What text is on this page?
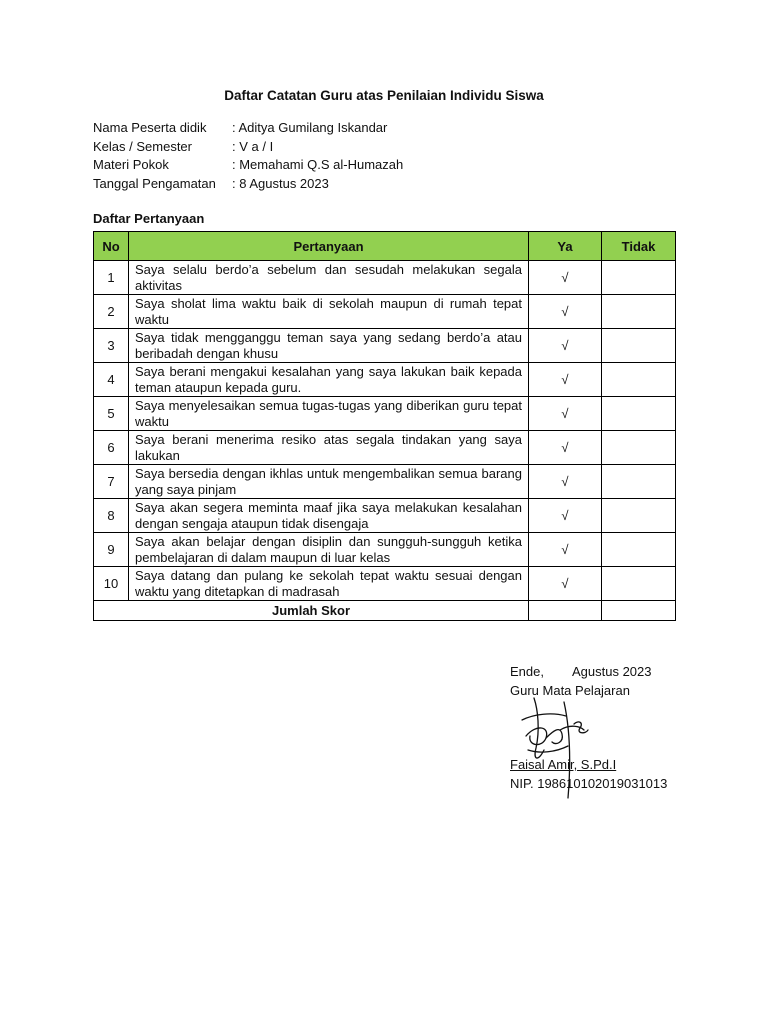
Daftar Catatan Guru atas Penilaian Individu Siswa
Nama Peserta didik	: Aditya Gumilang Iskandar
Kelas / Semester	: V a / I
Materi Pokok	: Memahami Q.S al-Humazah
Tanggal Pengamatan	: 8 Agustus 2023
Daftar Pertanyaan
No	Pertanyaan	Ya	Tidak
1	Saya selalu berdo’a sebelum dan sesudah melakukan segala aktivitas	√	
2	Saya sholat lima waktu baik di sekolah maupun di rumah tepat waktu	√	
3	Saya tidak mengganggu teman saya yang sedang berdo’a atau beribadah dengan khusu	√	
4	Saya berani mengakui kesalahan yang saya lakukan baik kepada teman ataupun kepada guru.	√	
5	Saya menyelesaikan semua tugas-tugas yang diberikan guru tepat waktu	√	
6	Saya berani menerima resiko atas segala tindakan yang saya lakukan	√	
7	Saya bersedia dengan ikhlas untuk mengembalikan semua barang yang saya pinjam	√	
8	Saya akan segera meminta maaf jika saya melakukan kesalahan dengan sengaja ataupun tidak disengaja	√	
9	Saya akan belajar dengan disiplin dan sungguh-sungguh ketika pembelajaran di dalam maupun di luar kelas	√	
10	Saya datang dan pulang ke sekolah tepat waktu sesuai dengan waktu yang ditetapkan di madrasah	√	
Jumlah Skor			
Ende, Agustus 2023
Guru Mata Pelajaran
Faisal Amir, S.Pd.I
NIP. 198610102019031013
